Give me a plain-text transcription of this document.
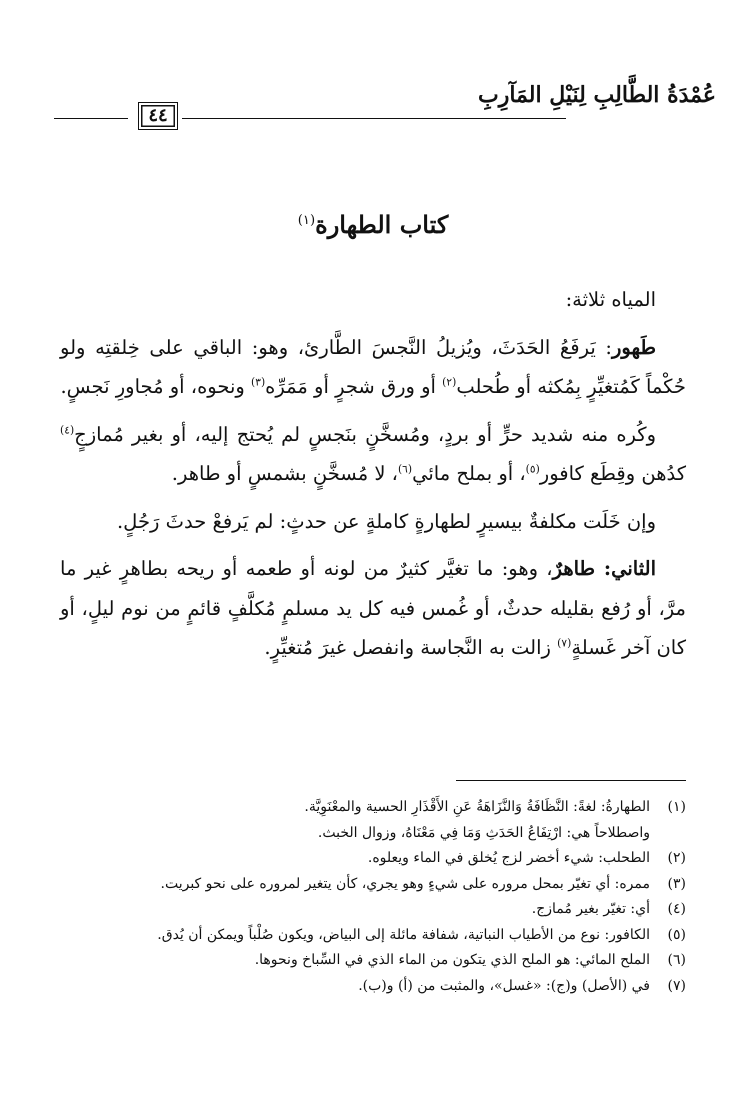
عُمْدَةُ الطَّالِبِ لِنَيْلِ المَآرِبِ
٤٤
كتاب الطهارة$^{(١)}$

المياه ثلاثة:

طَهور: يَرفَعُ الحَدَثَ، ويُزيلُ النَّجسَ الطَّارئ، وهو: الباقي على خِلقتِه ولو حُكْماً كَمُتغيِّرٍ بِمُكثه أو طُحلب$^{(٢)}$ أو ورق شجرٍ أو مَمَرِّه$^{(٣)}$ ونحوه، أو مُجاورِ نَجسٍ.

وكُره منه شديد حرٍّ أو بردٍ، ومُسخَّنٍ بنَجسٍ لم يُحتج إليه، أو بغير مُمازجٍ$^{(٤)}$ كدُهن وقِطَع كافور$^{(٥)}$، أو بملح مائي$^{(٦)}$، لا مُسخَّنٍ بشمسٍ أو طاهر.

وإن خَلَت مكلفةٌ بيسيرٍ لطهارةٍ كاملةٍ عن حدثٍ: لم يَرفعْ حدثَ رَجُلٍ.

الثاني: طاهرٌ، وهو: ما تغيَّر كثيرٌ من لونه أو طعمه أو ريحه بطاهرٍ غير ما مرَّ، أو رُفع بقليله حدثٌ، أو غُمس فيه كل يد مسلمٍ مُكلَّفٍ قائمٍ من نوم ليلٍ، أو كان آخر غَسلةٍ$^{(٧)}$ زالت به النَّجاسة وانفصل غيرَ مُتغيِّرٍ.

(١)
الطهارةُ: لغةً: النَّظَافَةُ وَالنَّزَاهَةُ عَنِ الأَقْذَارِ الحسية والمعْنَوِيَّة.
واصطلاحاً هي: ارْتِفَاعُ الحَدَثِ وَمَا فِي مَعْنَاهُ، وزوال الخبث.
(٢)
الطحلب: شيء أخضر لزج يُخلق في الماء ويعلوه.
(٣)
ممره: أي تغيّر بمحل مروره على شيءٍ وهو يجري، كأن يتغير لمروره على نحو كبريت.
(٤)
أي: تغيّر بغير مُمازج.
(٥)
الكافور: نوع من الأطياب النباتية، شفافة مائلة إلى البياض، ويكون صُلْباً ويمكن أن يُدق.
(٦)
الملح المائي: هو الملح الذي يتكون من الماء الذي في السِّباخ ونحوها.
(٧)
في (الأصل) و(ج): «غسل»، والمثبت من (أ) و(ب).
